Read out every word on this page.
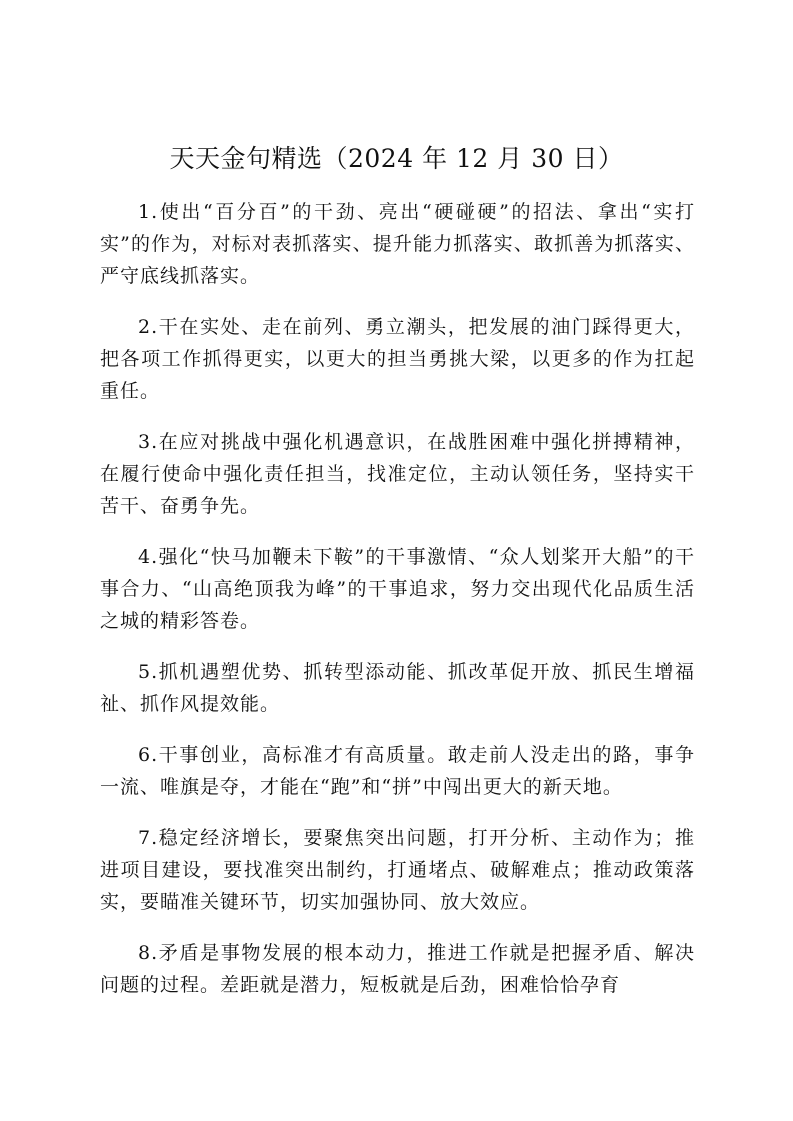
天天金句精选（2024 年 12 月 30 日）

1.使出“百分百”的干劲、亮出“硬碰硬”的招法、拿出“实打实”的作为，对标对表抓落实、提升能力抓落实、敢抓善为抓落实、严守底线抓落实。

2.干在实处、走在前列、勇立潮头，把发展的油门踩得更大，把各项工作抓得更实，以更大的担当勇挑大梁，以更多的作为扛起重任。

3.在应对挑战中强化机遇意识，在战胜困难中强化拼搏精神，在履行使命中强化责任担当，找准定位，主动认领任务，坚持实干苦干、奋勇争先。

4.强化“快马加鞭未下鞍”的干事激情、“众人划桨开大船”的干事合力、“山高绝顶我为峰”的干事追求，努力交出现代化品质生活之城的精彩答卷。

5.抓机遇塑优势、抓转型添动能、抓改革促开放、抓民生增福祉、抓作风提效能。

6.干事创业，高标准才有高质量。敢走前人没走出的路，事争一流、唯旗是夺，才能在“跑”和“拼”中闯出更大的新天地。

7.稳定经济增长，要聚焦突出问题，打开分析、主动作为；推进项目建设，要找准突出制约，打通堵点、破解难点；推动政策落实，要瞄准关键环节，切实加强协同、放大效应。

8.矛盾是事物发展的根本动力，推进工作就是把握矛盾、解决问题的过程。差距就是潜力，短板就是后劲，困难恰恰孕育
